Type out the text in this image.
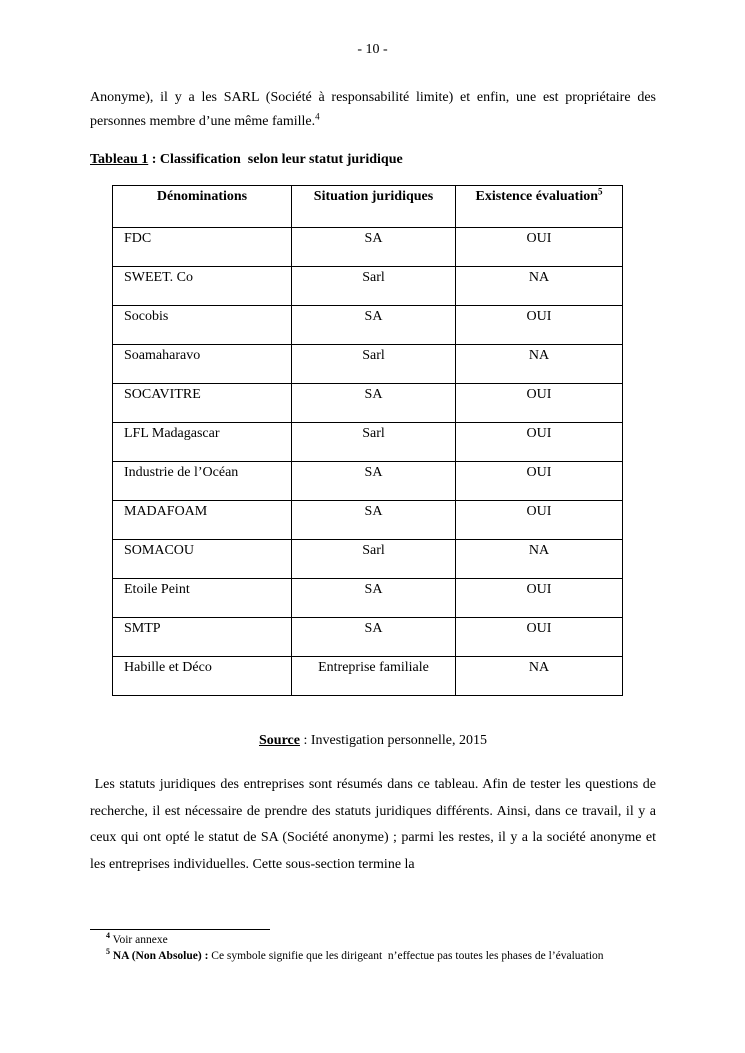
- 10 -

Anonyme), il y a les SARL (Société à responsabilité limite) et enfin, une est propriétaire des personnes membre d’une même famille.$^4$

Tableau 1 : Classification  selon leur statut juridique

Dénominations	Situation juridiques	Existence évaluation$^5$
FDC	SA	OUI
SWEET. Co	Sarl	NA
Socobis	SA	OUI
Soamaharavo	Sarl	NA
SOCAVITRE	SA	OUI
LFL Madagascar	Sarl	OUI
Industrie de l’Océan	SA	OUI
MADAFOAM	SA	OUI
SOMACOU	Sarl	NA
Etoile Peint	SA	OUI
SMTP	SA	OUI
Habille et Déco	Entreprise familiale	NA

Source : Investigation personnelle, 2015

Les statuts juridiques des entreprises sont résumés dans ce tableau. Afin de tester les questions de recherche, il est nécessaire de prendre des statuts juridiques différents. Ainsi, dans ce travail, il y a ceux qui ont opté le statut de SA (Société anonyme) ; parmi les restes, il y a la société anonyme et les entreprises individuelles. Cette sous-section termine la

$^4$ Voir annexe
$^5$ NA (Non Absolue) : Ce symbole signifie que les dirigeant  n’effectue pas toutes les phases de l’évaluation
